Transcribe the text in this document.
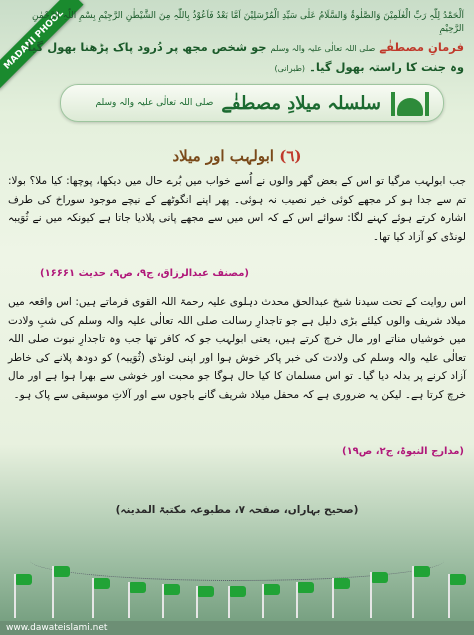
MADANI PHOOL
اَلْحَمْدُ لِلّٰہِ رَبِّ الْعٰلَمِیْنَ وَالصَّلٰوۃُ وَالسَّلَامُ عَلٰی سَیِّدِ الْمُرْسَلِیْنَ اَمَّا بَعْدُ فَاَعُوْذُ بِاللّٰہِ مِنَ الشَّیْطٰنِ الرَّجِیْمِ بِسْمِ اللّٰہِ الرَّحْمٰنِ الرَّحِیْمِ
فرمانِ مصطفٰے صلی اللہ تعالٰی علیہ والہ وسلم جو شخص مجھ پر دُرود پاک پڑھنا بھول گیا وہ جنت کا راستہ بھول گیا۔ (طبرانی)
سلسلہ میلادِ مصطفٰے
صلی اللہ تعالٰی علیہ والہ وسلم
(٦) ابولہب اور میلاد
جب ابولہب مرگیا تو اس کے بعض گھر والوں نے اُسے خواب میں بُرے حال میں دیکھا، پوچھا: کیا ملا؟ بولا: تم سے جدا ہو کر مجھے کوئی خیر نصیب نہ ہوئی۔ پھر اپنے انگوٹھے کے نیچے موجود سوراخ کی طرف اشارہ کرتے ہوئے کہنے لگا: سوائے اس کے کہ اس میں سے مجھے پانی پلادیا جاتا ہے کیونکہ میں نے ثُوَیبہ لونڈی کو آزاد کیا تھا۔
(مصنف عبدالرزاق، ج۹، ص۹، حدیث ۱۶۶۶۱)
اس روایت کے تحت سیدنا شیخ عبدالحق محدث دہلوی علیہ رحمۃ اللہ القوی فرماتے ہیں: اس واقعہ میں میلاد شریف والوں کیلئے بڑی دلیل ہے جو تاجدارِ رسالت صلی اللہ تعالٰی علیہ والہ وسلم کی شبِ ولادت میں خوشیاں مناتے اور مال خرچ کرتے ہیں، یعنی ابولہب جو کہ کافر تھا جب وہ تاجدارِ نبوت صلی اللہ تعالٰی علیہ والہ وسلم کی ولادت کی خبر پاکر خوش ہوا اور اپنی لونڈی (ثُوَیبہ) کو دودھ پلانے کی خاطر آزاد کرنے پر بدلہ دیا گیا۔ تو اس مسلمان کا کیا حال ہوگا جو محبت اور خوشی سے بھرا ہوا ہے اور مال خرچ کرتا ہے۔ لیکن یہ ضروری ہے کہ محفل میلاد شریف گانے باجوں سے اور آلاتِ موسیقی سے پاک ہو۔
(مدارج النبوۃ، ج۲، ص۱۹)
(صحیح بہاراں، صفحہ ۷، مطبوعہ مکتبۃ المدینہ)
www.dawateislami.net
